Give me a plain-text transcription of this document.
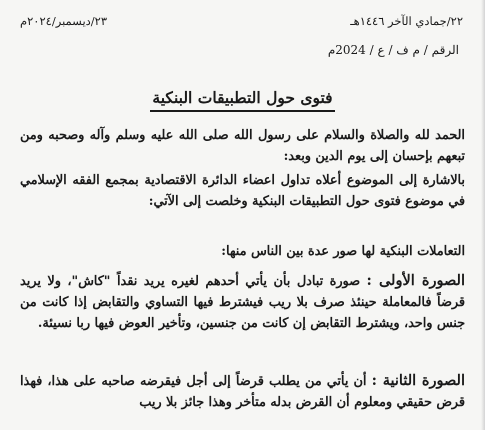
٢٢/جمادي الآخر ١٤٤٦هـ
٢٣/ديسمبر/٢٠٢٤م
الرقم / م ف / ع / 2024م
فتوى حول التطبيقات البنكية
الحمد لله والصلاة والسلام على رسول الله صلى الله عليه وسلم وآله وصحبه ومن تبعهم بإحسان إلى يوم الدين وبعد:
بالاشارة إلى الموضوع أعلاه تداول اعضاء الدائرة الاقتصادية بمجمع الفقه الإسلامي في موضوع فتوى حول التطبيقات البنكية وخلصت إلى الآتي:
التعاملات البنكية لها صور عدة بين الناس منها:
الصورة الأولى : صورة تبادل بأن يأتي أحدهم لغيره يريد نقداً "كاش"، ولا يريد قرضاً فالمعاملة حينئذ صرف بلا ريب فيشترط فيها التساوي والتقابض إذا كانت من جنس واحد، ويشترط التقابض إن كانت من جنسين، وتأخير العوض فيها ربا نسيئة.
الصورة الثانية : أن يأتي من يطلب قرضاً إلى أجل فيقرضه صاحبه على هذا، فهذا قرض حقيقي ومعلوم أن القرض بدله متأخر وهذا جائز بلا ريب
